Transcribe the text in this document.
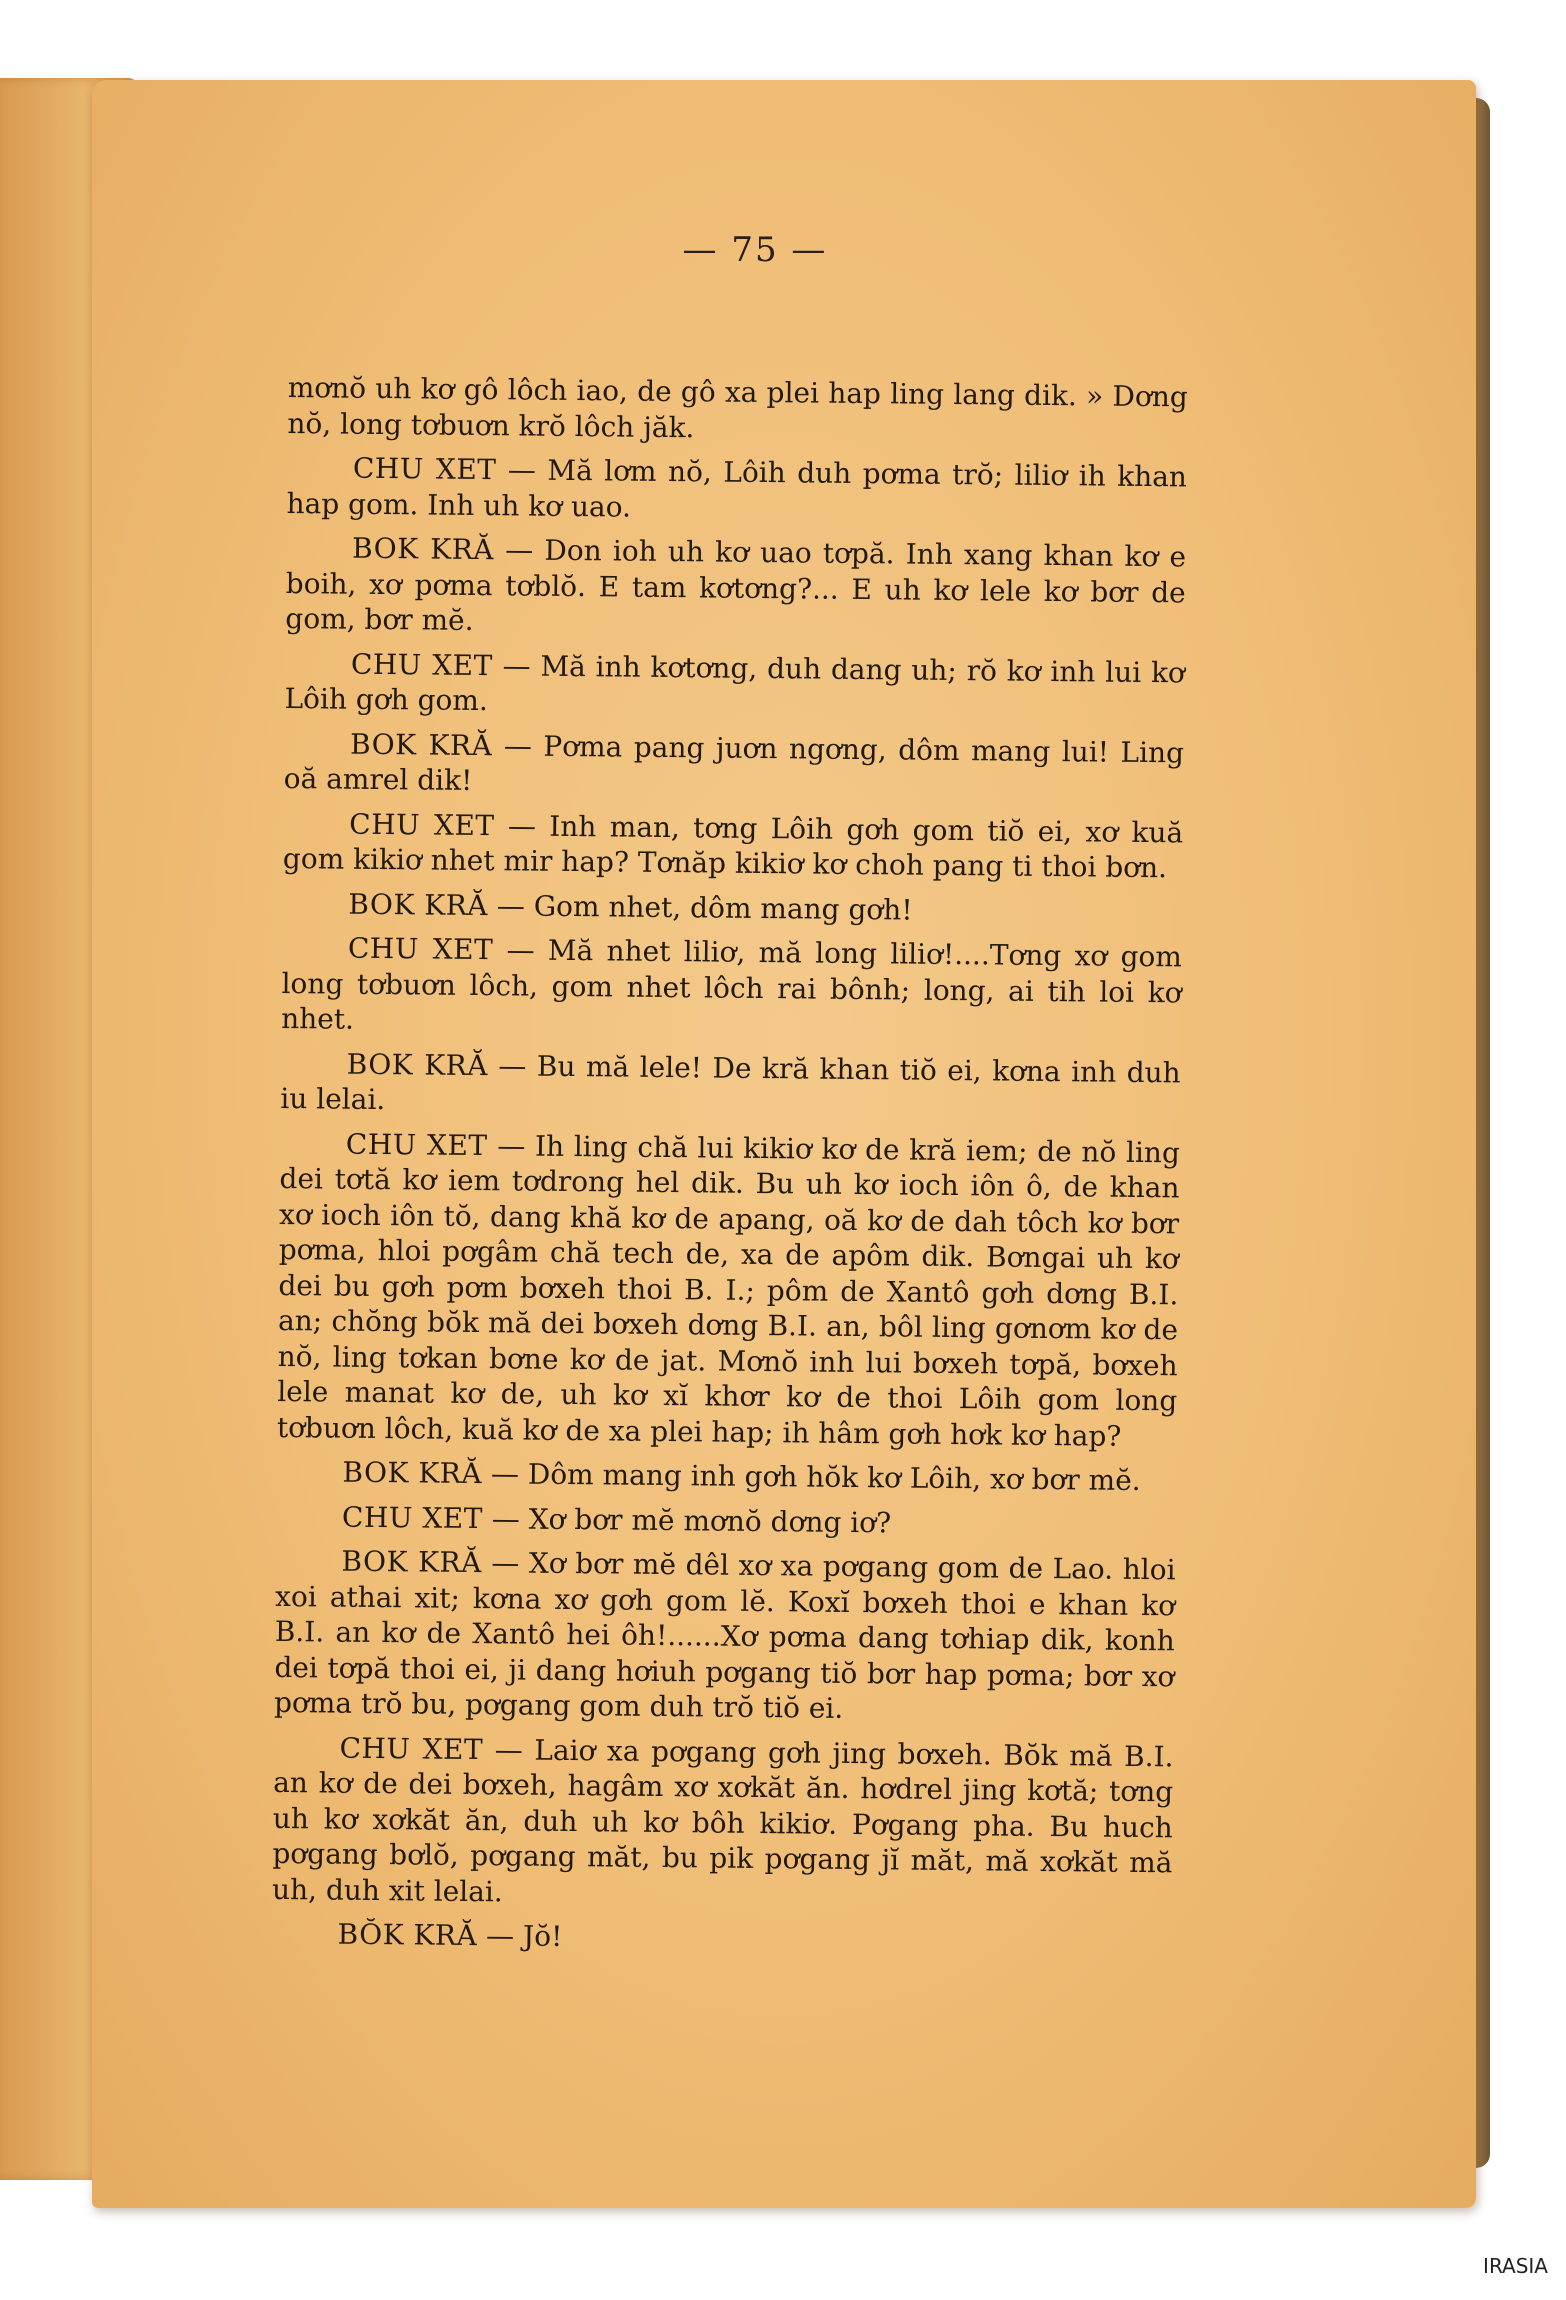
— 75 —

mơnŏ uh kơ gô lôch iao, de gô xa plei hap ling lang dik. » Dơng nŏ, long tơbuơn krŏ lôch jăk.

CHU XET — Mă lơm nŏ, Lôih duh pơma trŏ; liliơ ih khan hap gom. Inh uh kơ uao.

BOK KRĂ — Don ioh uh kơ uao tơpă. Inh xang khan kơ e boih, xơ pơma tơblŏ. E tam kơtơng?... E uh kơ lele kơ bơr de gom, bơr mĕ.

CHU XET — Mă inh kơtơng, duh dang uh; rŏ kơ inh lui kơ Lôih gơh gom.

BOK KRĂ — Pơma pang juơn ngơng, dôm mang lui! Ling oă amrel dik!

CHU XET — Inh man, tơng Lôih gơh gom tiŏ ei, xơ kuă gom kikiơ nhet mir hap? Tơnăp kikiơ kơ choh pang ti thoi bơn.

BOK KRĂ — Gom nhet, dôm mang gơh!

CHU XET — Mă nhet liliơ, mă long liliơ!....Tơng xơ gom long tơbuơn lôch, gom nhet lôch rai bônh; long, ai tih loi kơ nhet.

BOK KRĂ — Bu mă lele! De kră khan tiŏ ei, kơna inh duh iu lelai.

CHU XET — Ih ling chă lui kikiơ kơ de kră iem; de nŏ ling dei tơtă kơ iem tơdrong hel dik. Bu uh kơ ioch iôn ô, de khan xơ ioch iôn tŏ, dang khă kơ de apang, oă kơ de dah tôch kơ bơr pơma, hloi pơgâm chă tech de, xa de apôm dik. Bơngai uh kơ dei bu gơh pơm bơxeh thoi B. I.; pôm de Xantô gơh dơng B.I. an; chŏng bŏk mă dei bơxeh dơng B.I. an, bôl ling gơnơm kơ de nŏ, ling tơkan bơne kơ de jat. Mơnŏ inh lui bơxeh tơpă, bơxeh lele manat kơ de, uh kơ xĭ khơr kơ de thoi Lôih gom long tơbuơn lôch, kuă kơ de xa plei hap; ih hâm gơh hơk kơ hap?

BOK KRĂ — Dôm mang inh gơh hŏk kơ Lôih, xơ bơr mĕ.

CHU XET — Xơ bơr mĕ mơnŏ dơng iơ?

BOK KRĂ — Xơ bơr mĕ dêl xơ xa pơgang gom de Lao. hloi xoi athai xit; kơna xơ gơh gom lĕ. Koxĭ bơxeh thoi e khan kơ B.I. an kơ de Xantô hei ôh!......Xơ pơma dang tơhiap dik, konh dei tơpă thoi ei, ji dang hơiuh pơgang tiŏ bơr hap pơma; bơr xơ pơma trŏ bu, pơgang gom duh trŏ tiŏ ei.

CHU XET — Laiơ xa pơgang gơh jing bơxeh. Bŏk mă B.I. an kơ de dei bơxeh, hagâm xơ xơkăt ăn. hơdrel jing kơtă; tơng uh kơ xơkăt ăn, duh uh kơ bôh kikiơ. Pơgang pha. Bu huch pơgang bơlŏ, pơgang măt, bu pik pơgang jĭ măt, mă xơkăt mă uh, duh xit lelai.

BŎK KRĂ — Jŏ!

IRASIA
